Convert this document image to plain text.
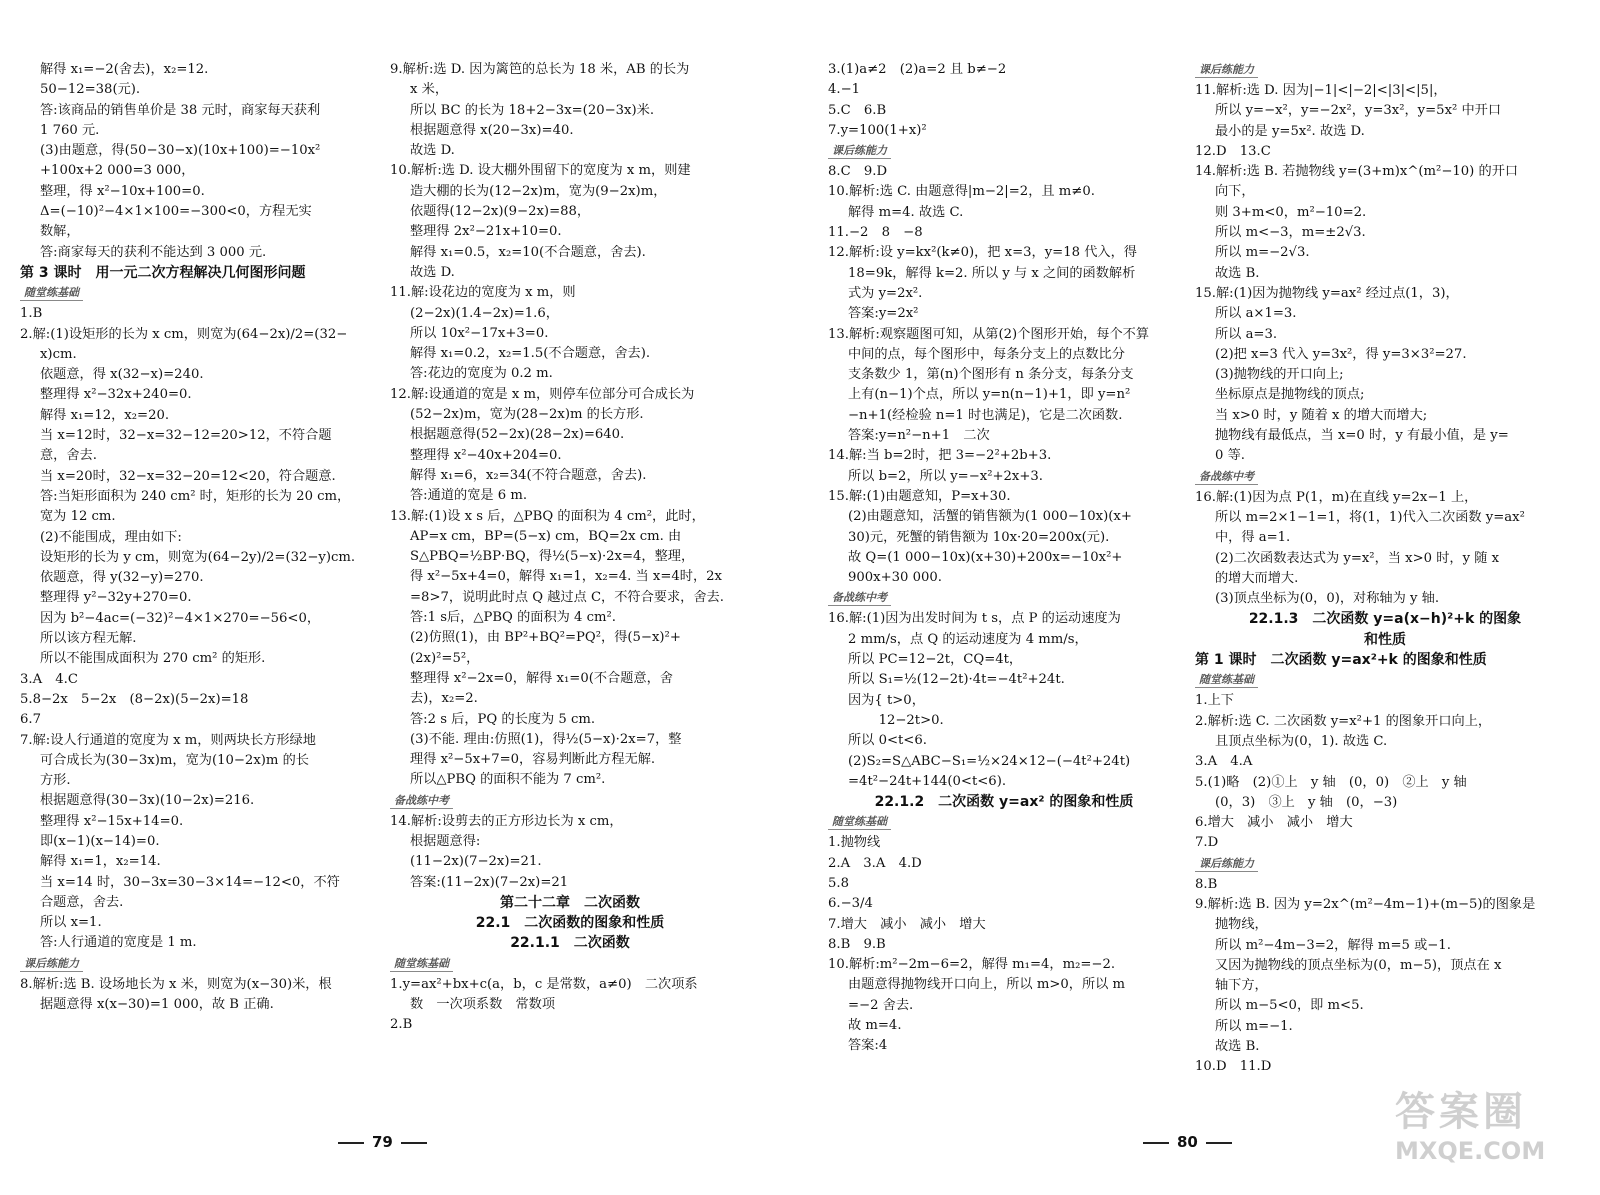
解得 x₁=−2(舍去)，x₂=12.
50−12=38(元).
答:该商品的销售单价是 38 元时，商家每天获利
1 760 元.
(3)由题意，得(50−30−x)(10x+100)=−10x²
+100x+2 000=3 000，
整理，得 x²−10x+100=0.
Δ=(−10)²−4×1×100=−300<0，方程无实
数解，
答:商家每天的获利不能达到 3 000 元.
第 3 课时　用一元二次方程解决几何图形问题
随堂练基础
1.B
2.解:(1)设矩形的长为 x cm，则宽为(64−2x)/2=(32−
x)cm.
依题意，得 x(32−x)=240.
整理得 x²−32x+240=0.
解得 x₁=12，x₂=20.
当 x=12时，32−x=32−12=20>12，不符合题
意，舍去.
当 x=20时，32−x=32−20=12<20，符合题意.
答:当矩形面积为 240 cm² 时，矩形的长为 20 cm，
宽为 12 cm.
(2)不能围成，理由如下:
设矩形的长为 y cm，则宽为(64−2y)/2=(32−y)cm.
依题意，得 y(32−y)=270.
整理得 y²−32y+270=0.
因为 b²−4ac=(−32)²−4×1×270=−56<0，
所以该方程无解.
所以不能围成面积为 270 cm² 的矩形.
3.A　4.C
5.8−2x　5−2x　(8−2x)(5−2x)=18
6.7
7.解:设人行通道的宽度为 x m，则两块长方形绿地
可合成长为(30−3x)m，宽为(10−2x)m 的长
方形.
根据题意得(30−3x)(10−2x)=216.
整理得 x²−15x+14=0.
即(x−1)(x−14)=0.
解得 x₁=1，x₂=14.
当 x=14 时，30−3x=30−3×14=−12<0，不符
合题意，舍去.
所以 x=1.
答:人行通道的宽度是 1 m.
课后练能力
8.解析:选 B. 设场地长为 x 米，则宽为(x−30)米，根
据题意得 x(x−30)=1 000，故 B 正确.
9.解析:选 D. 因为篱笆的总长为 18 米，AB 的长为
x 米，
所以 BC 的长为 18+2−3x=(20−3x)米.
根据题意得 x(20−3x)=40.
故选 D.
10.解析:选 D. 设大棚外围留下的宽度为 x m，则建
造大棚的长为(12−2x)m，宽为(9−2x)m，
依题得(12−2x)(9−2x)=88，
整理得 2x²−21x+10=0.
解得 x₁=0.5，x₂=10(不合题意，舍去).
故选 D.
11.解:设花边的宽度为 x m，则
(2−2x)(1.4−2x)=1.6，
所以 10x²−17x+3=0.
解得 x₁=0.2，x₂=1.5(不合题意，舍去).
答:花边的宽度为 0.2 m.
12.解:设通道的宽是 x m，则停车位部分可合成长为
(52−2x)m，宽为(28−2x)m 的长方形.
根据题意得(52−2x)(28−2x)=640.
整理得 x²−40x+204=0.
解得 x₁=6，x₂=34(不符合题意，舍去).
答:通道的宽是 6 m.
13.解:(1)设 x s 后，△PBQ 的面积为 4 cm²，此时，
AP=x cm，BP=(5−x) cm，BQ=2x cm. 由
S△PBQ=½BP·BQ，得½(5−x)·2x=4，整理，
得 x²−5x+4=0，解得 x₁=1，x₂=4. 当 x=4时，2x
=8>7，说明此时点 Q 越过点 C，不符合要求，舍去.
答:1 s后，△PBQ 的面积为 4 cm².
(2)仿照(1)，由 BP²+BQ²=PQ²，得(5−x)²+
(2x)²=5²，
整理得 x²−2x=0，解得 x₁=0(不合题意，舍
去)，x₂=2.
答:2 s 后，PQ 的长度为 5 cm.
(3)不能. 理由:仿照(1)，得½(5−x)·2x=7，整
理得 x²−5x+7=0，容易判断此方程无解.
所以△PBQ 的面积不能为 7 cm².
备战练中考
14.解析:设剪去的正方形边长为 x cm，
根据题意得:
(11−2x)(7−2x)=21.
答案:(11−2x)(7−2x)=21
第二十二章　二次函数
22.1　二次函数的图象和性质
22.1.1　二次函数
随堂练基础
1.y=ax²+bx+c(a，b，c 是常数，a≠0)　二次项系
数　一次项系数　常数项
2.B
3.(1)a≠2　(2)a=2 且 b≠−2
4.−1
5.C　6.B
7.y=100(1+x)²
课后练能力
8.C　9.D
10.解析:选 C. 由题意得|m−2|=2，且 m≠0.
解得 m=4. 故选 C.
11.−2　8　−8
12.解析:设 y=kx²(k≠0)，把 x=3，y=18 代入，得
18=9k，解得 k=2. 所以 y 与 x 之间的函数解析
式为 y=2x².
答案:y=2x²
13.解析:观察题图可知，从第(2)个图形开始，每个不算
中间的点，每个图形中，每条分支上的点数比分
支条数少 1，第(n)个图形有 n 条分支，每条分支
上有(n−1)个点，所以 y=n(n−1)+1，即 y=n²
−n+1(经检验 n=1 时也满足)，它是二次函数.
答案:y=n²−n+1　二次
14.解:当 b=2时，把 3=−2²+2b+3.
所以 b=2，所以 y=−x²+2x+3.
15.解:(1)由题意知，P=x+30.
(2)由题意知，活蟹的销售额为(1 000−10x)(x+
30)元，死蟹的销售额为 10x·20=200x(元).
故 Q=(1 000−10x)(x+30)+200x=−10x²+
900x+30 000.
备战练中考
16.解:(1)因为出发时间为 t s，点 P 的运动速度为
2 mm/s，点 Q 的运动速度为 4 mm/s，
所以 PC=12−2t，CQ=4t，
所以 S₁=½(12−2t)·4t=−4t²+24t.
因为{ t>0，
　　 12−2t>0.
所以 0<t<6.
(2)S₂=S△ABC−S₁=½×24×12−(−4t²+24t)
=4t²−24t+144(0<t<6).
22.1.2　二次函数 y=ax² 的图象和性质
随堂练基础
1.抛物线
2.A　3.A　4.D
5.8
6.−3/4
7.增大　减小　减小　增大
8.B　9.B
10.解析:m²−2m−6=2，解得 m₁=4，m₂=−2.
由题意得抛物线开口向上，所以 m>0，所以 m
=−2 舍去.
故 m=4.
答案:4
课后练能力
11.解析:选 D. 因为|−1|<|−2|<|3|<|5|，
所以 y=−x²，y=−2x²，y=3x²，y=5x² 中开口
最小的是 y=5x². 故选 D.
12.D　13.C
14.解析:选 B. 若抛物线 y=(3+m)x^(m²−10) 的开口
向下，
则 3+m<0，m²−10=2.
所以 m<−3，m=±2√3.
所以 m=−2√3.
故选 B.
15.解:(1)因为抛物线 y=ax² 经过点(1，3)，
所以 a×1=3.
所以 a=3.
(2)把 x=3 代入 y=3x²，得 y=3×3²=27.
(3)抛物线的开口向上;
坐标原点是抛物线的顶点;
当 x>0 时，y 随着 x 的增大而增大;
抛物线有最低点，当 x=0 时，y 有最小值，是 y=
0 等.
备战练中考
16.解:(1)因为点 P(1，m)在直线 y=2x−1 上，
所以 m=2×1−1=1，将(1，1)代入二次函数 y=ax²
中，得 a=1.
(2)二次函数表达式为 y=x²，当 x>0 时，y 随 x
的增大而增大.
(3)顶点坐标为(0，0)，对称轴为 y 轴.
22.1.3　二次函数 y=a(x−h)²+k 的图象
和性质
第 1 课时　二次函数 y=ax²+k 的图象和性质
随堂练基础
1.上下
2.解析:选 C. 二次函数 y=x²+1 的图象开口向上，
且顶点坐标为(0，1). 故选 C.
3.A　4.A
5.(1)略　(2)①上　y 轴　(0，0)　②上　y 轴
(0，3)　③上　y 轴　(0，−3)
6.增大　减小　减小　增大
7.D
课后练能力
8.B
9.解析:选 B. 因为 y=2x^(m²−4m−1)+(m−5)的图象是
抛物线，
所以 m²−4m−3=2，解得 m=5 或−1.
又因为抛物线的顶点坐标为(0，m−5)，顶点在 x
轴下方，
所以 m−5<0，即 m<5.
所以 m=−1.
故选 B.
10.D　11.D
79	80
答案圈
MXQE.COM
